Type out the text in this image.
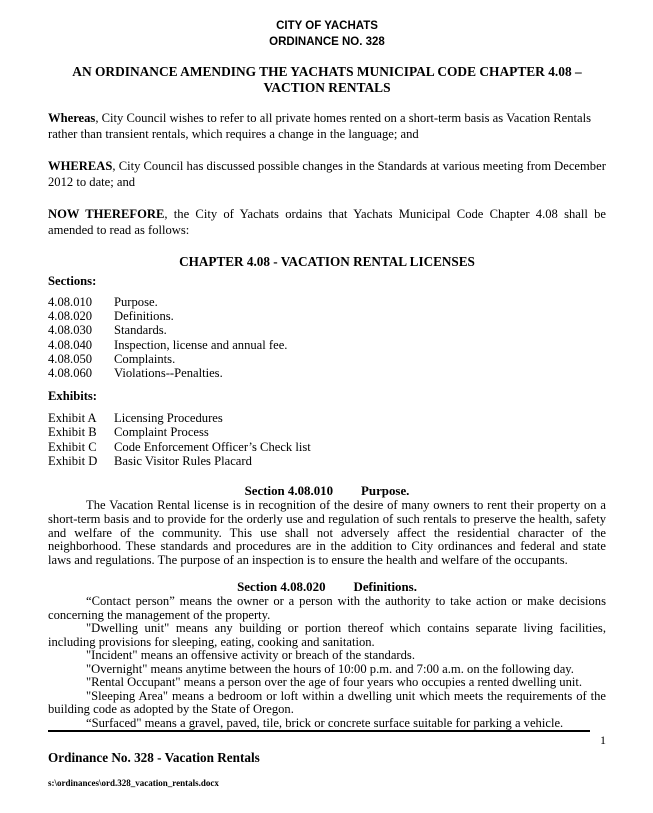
CITY OF YACHATS
ORDINANCE NO. 328
AN ORDINANCE AMENDING THE YACHATS MUNICIPAL CODE CHAPTER 4.08 –
VACTION RENTALS

Whereas, City Council wishes to refer to all private homes rented on a short-term basis as Vacation Rentals rather than transient rentals, which requires a change in the language; and

WHEREAS, City Council has discussed possible changes in the Standards at various meeting from December 2012 to date; and

NOW THEREFORE, the City of Yachats ordains that Yachats Municipal Code Chapter 4.08 shall be amended to read as follows:

CHAPTER 4.08 - VACATION RENTAL LICENSES
Sections:
4.08.010	Purpose.
4.08.020	Definitions.
4.08.030	Standards.
4.08.040	Inspection, license and annual fee.
4.08.050	Complaints.
4.08.060	Violations--Penalties.
Exhibits:
Exhibit A	Licensing Procedures
Exhibit B	Complaint Process
Exhibit C	Code Enforcement Officer’s Check list
Exhibit D	Basic Visitor Rules Placard
Section 4.08.010 Purpose.

The Vacation Rental license is in recognition of the desire of many owners to rent their property on a short-term basis and to provide for the orderly use and regulation of such rentals to preserve the health, safety and welfare of the community. This use shall not adversely affect the residential character of the neighborhood. These standards and procedures are in the addition to City ordinances and federal and state laws and regulations. The purpose of an inspection is to ensure the health and welfare of the occupants.

Section 4.08.020 Definitions.

“Contact person” means the owner or a person with the authority to take action or make decisions concerning the management of the property.

"Dwelling unit" means any building or portion thereof which contains separate living facilities, including provisions for sleeping, eating, cooking and sanitation.

"Incident" means an offensive activity or breach of the standards.

"Overnight" means anytime between the hours of 10:00 p.m. and 7:00 a.m. on the following day.

"Rental Occupant" means a person over the age of four years who occupies a rented dwelling unit.

"Sleeping Area" means a bedroom or loft within a dwelling unit which meets the requirements of the building code as adopted by the State of Oregon.

“Surfaced" means a gravel, paved, tile, brick or concrete surface suitable for parking a vehicle.

1
Ordinance No. 328 - Vacation Rentals
s:\ordinances\ord.328_vacation_rentals.docx
